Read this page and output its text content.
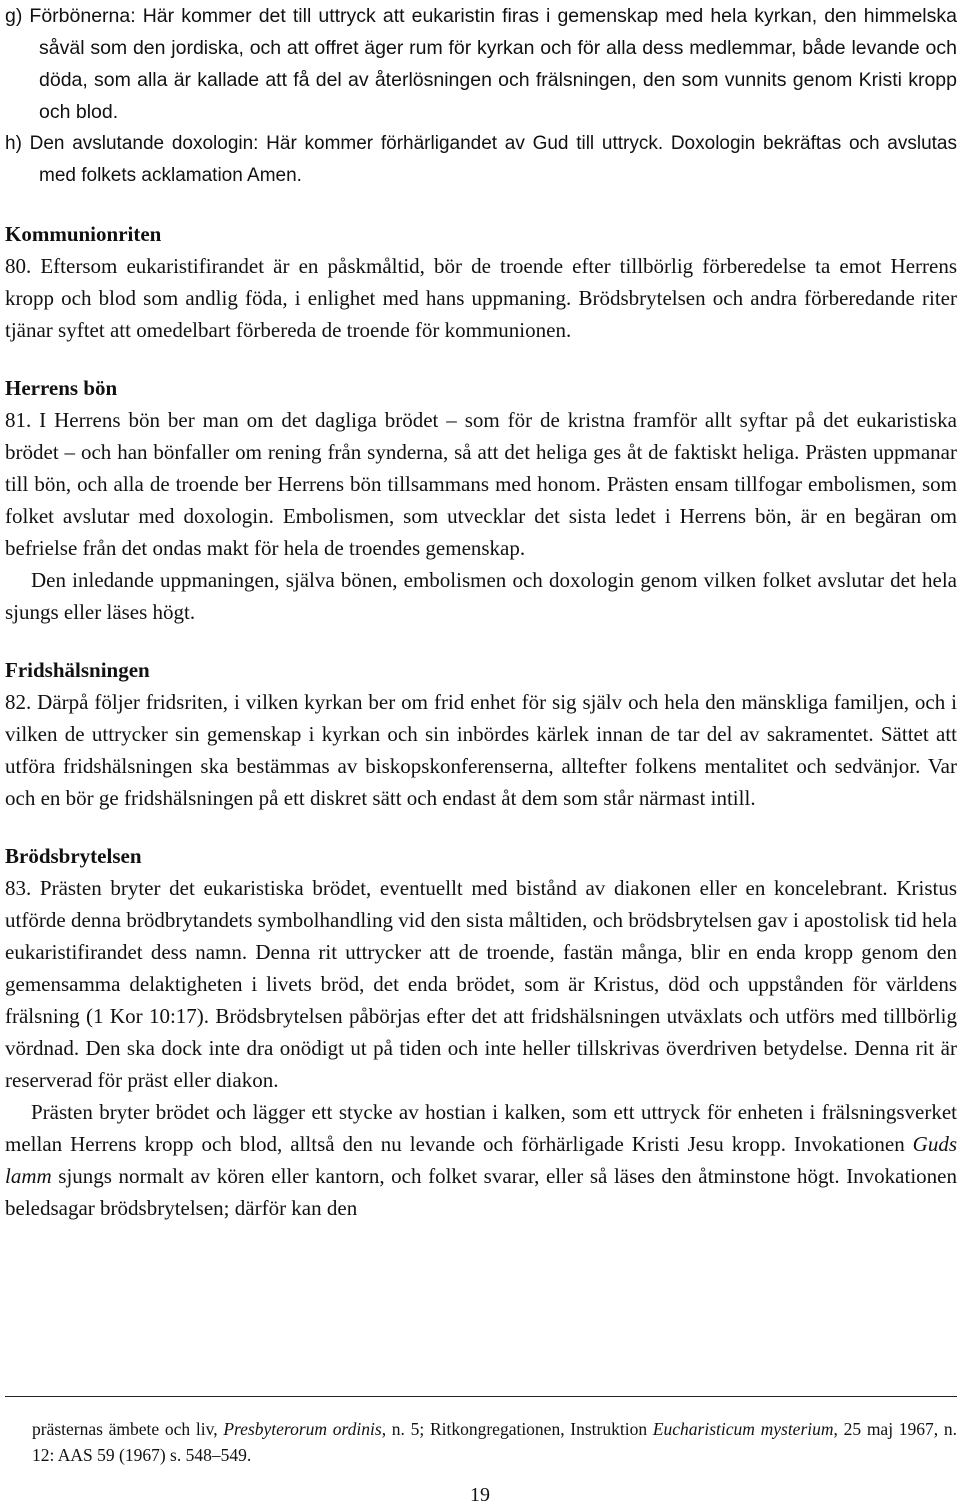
g) Förbönerna: Här kommer det till uttryck att eukaristin firas i gemenskap med hela kyrkan, den himmelska såväl som den jordiska, och att offret äger rum för kyrkan och för alla dess medlemmar, både levande och döda, som alla är kallade att få del av återlösningen och frälsningen, den som vunnits genom Kristi kropp och blod.

h) Den avslutande doxologin: Här kommer förhärligandet av Gud till uttryck. Doxologin bekräftas och avslutas med folkets acklamation Amen.

Kommunionriten

80. Eftersom eukaristifirandet är en påskmåltid, bör de troende efter tillbörlig förberedelse ta emot Herrens kropp och blod som andlig föda, i enlighet med hans uppmaning. Brödsbrytelsen och andra förberedande riter tjänar syftet att omedelbart förbereda de troende för kommunionen.

Herrens bön

81. I Herrens bön ber man om det dagliga brödet – som för de kristna framför allt syftar på det eukaristiska brödet – och han bönfaller om rening från synderna, så att det heliga ges åt de faktiskt heliga. Prästen uppmanar till bön, och alla de troende ber Herrens bön tillsammans med honom. Prästen ensam tillfogar embolismen, som folket avslutar med doxologin. Embolismen, som utvecklar det sista ledet i Herrens bön, är en begäran om befrielse från det ondas makt för hela de troendes gemenskap.

Den inledande uppmaningen, själva bönen, embolismen och doxologin genom vilken folket avslutar det hela sjungs eller läses högt.

Fridshälsningen

82. Därpå följer fridsriten, i vilken kyrkan ber om frid enhet för sig själv och hela den mänskliga familjen, och i vilken de uttrycker sin gemenskap i kyrkan och sin inbördes kärlek innan de tar del av sakramentet. Sättet att utföra fridshälsningen ska bestämmas av biskopskonferenserna, alltefter folkens mentalitet och sedvänjor. Var och en bör ge fridshälsningen på ett diskret sätt och endast åt dem som står närmast intill.

Brödsbrytelsen

83. Prästen bryter det eukaristiska brödet, eventuellt med bistånd av diakonen eller en koncelebrant. Kristus utförde denna brödbrytandets symbolhandling vid den sista måltiden, och brödsbrytelsen gav i apostolisk tid hela eukaristifirandet dess namn. Denna rit uttrycker att de troende, fastän många, blir en enda kropp genom den gemensamma delaktigheten i livets bröd, det enda brödet, som är Kristus, död och uppstånden för världens frälsning (1 Kor 10:17). Brödsbrytelsen påbörjas efter det att fridshälsningen utväxlats och utförs med tillbörlig vördnad. Den ska dock inte dra onödigt ut på tiden och inte heller tillskrivas överdriven betydelse. Denna rit är reserverad för präst eller diakon.

Prästen bryter brödet och lägger ett stycke av hostian i kalken, som ett uttryck för enheten i frälsningsverket mellan Herrens kropp och blod, alltså den nu levande och förhärligade Kristi Jesu kropp. Invokationen Guds lamm sjungs normalt av kören eller kantorn, och folket svarar, eller så läses den åtminstone högt. Invokationen beledsagar brödsbrytelsen; därför kan den

prästernas ämbete och liv, Presbyterorum ordinis, n. 5; Ritkongregationen, Instruktion Eucharisticum mysterium, 25 maj 1967, n. 12: AAS 59 (1967) s. 548–549.

19
